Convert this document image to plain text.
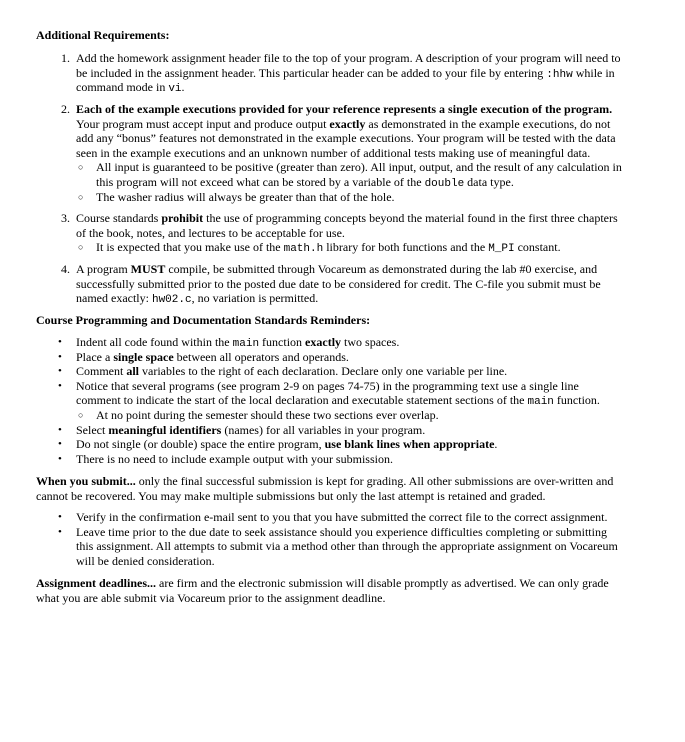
Additional Requirements:
1. Add the homework assignment header file to the top of your program. A description of your program will need to
be included in the assignment header. This particular header can be added to your file by entering :hhw while in
command mode in vi.
2. Each of the example executions provided for your reference represents a single execution of the program.
Your program must accept input and produce output exactly as demonstrated in the example executions, do not
add any “bonus” features not demonstrated in the example executions. Your program will be tested with the data
seen in the example executions and an unknown number of additional tests making use of meaningful data.
○ All input is guaranteed to be positive (greater than zero). All input, output, and the result of any calculation in
this program will not exceed what can be stored by a variable of the double data type.
○ The washer radius will always be greater than that of the hole.
3. Course standards prohibit the use of programming concepts beyond the material found in the first three chapters
of the book, notes, and lectures to be acceptable for use.
○ It is expected that you make use of the math.h library for both functions and the M_PI constant.
4. A program MUST compile, be submitted through Vocareum as demonstrated during the lab #0 exercise, and
successfully submitted prior to the posted due date to be considered for credit. The C-file you submit must be
named exactly: hw02.c, no variation is permitted.
Course Programming and Documentation Standards Reminders:
• Indent all code found within the main function exactly two spaces.
• Place a single space between all operators and operands.
• Comment all variables to the right of each declaration. Declare only one variable per line.
• Notice that several programs (see program 2-9 on pages 74-75) in the programming text use a single line
comment to indicate the start of the local declaration and executable statement sections of the main function.
○ At no point during the semester should these two sections ever overlap.
• Select meaningful identifiers (names) for all variables in your program.
• Do not single (or double) space the entire program, use blank lines when appropriate.
• There is no need to include example output with your submission.
When you submit... only the final successful submission is kept for grading. All other submissions are over-written and
cannot be recovered. You may make multiple submissions but only the last attempt is retained and graded.
• Verify in the confirmation e-mail sent to you that you have submitted the correct file to the correct assignment.
• Leave time prior to the due date to seek assistance should you experience difficulties completing or submitting
this assignment. All attempts to submit via a method other than through the appropriate assignment on Vocareum
will be denied consideration.
Assignment deadlines... are firm and the electronic submission will disable promptly as advertised. We can only grade
what you are able submit via Vocareum prior to the assignment deadline.
